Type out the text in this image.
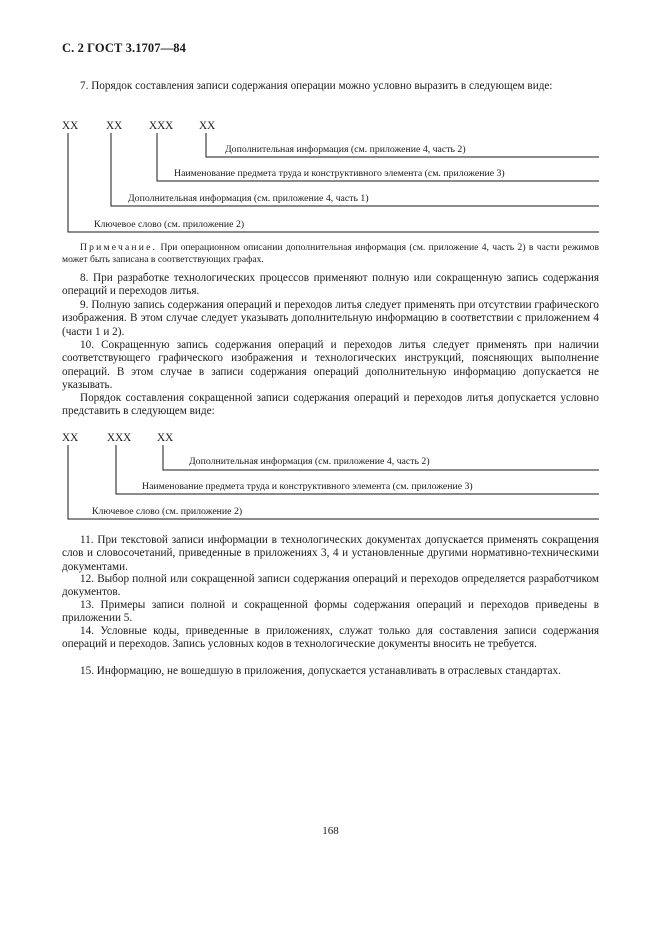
С. 2 ГОСТ 3.1707—84

7. Порядок составления записи содержания операции можно условно выразить в следующем виде:

XX XX XXX XX
Дополнительная информация (см. приложение 4, часть 2)
Наименование предмета труда и конструктивного элемента (см. приложение 3)
Дополнительная информация (см. приложение 4, часть 1)
Ключевое слово (см. приложение 2)

Примечание. При операционном описании дополнительная информация (см. приложение 4, часть 2) в части режимов может быть записана в соответствующих графах.

8. При разработке технологических процессов применяют полную или сокращенную запись содержания операций и переходов литья.

9. Полную запись содержания операций и переходов литья следует применять при отсутствии графического изображения. В этом случае следует указывать дополнительную информацию в соответствии с приложением 4 (части 1 и 2).

10. Сокращенную запись содержания операций и переходов литья следует применять при наличии соответствующего графического изображения и технологических инструкций, поясняющих выполнение операций. В этом случае в записи содержания операций дополнительную информацию допускается не указывать.

Порядок составления сокращенной записи содержания операций и переходов литья допускается условно представить в следующем виде:

XX	XXX XX
Дополнительная информация (см. приложение 4, часть 2)
Наименование предмета труда и конструктивного элемента (см. приложение 3)
Ключевое слово (см. приложение 2)

11. При текстовой записи информации в технологических документах допускается применять сокращения слов и словосочетаний, приведенные в приложениях 3, 4 и установленные другими нормативно-техническими документами.

12. Выбор полной или сокращенной записи содержания операций и переходов определяется разработчиком документов.

13. Примеры записи полной и сокращенной формы содержания операций и переходов приведены в приложении 5.

14. Условные коды, приведенные в приложениях, служат только для составления записи содержания операций и переходов. Запись условных кодов в технологические документы вносить не требуется.

15. Информацию, не вошедшую в приложения, допускается устанавливать в отраслевых стандартах.

168
